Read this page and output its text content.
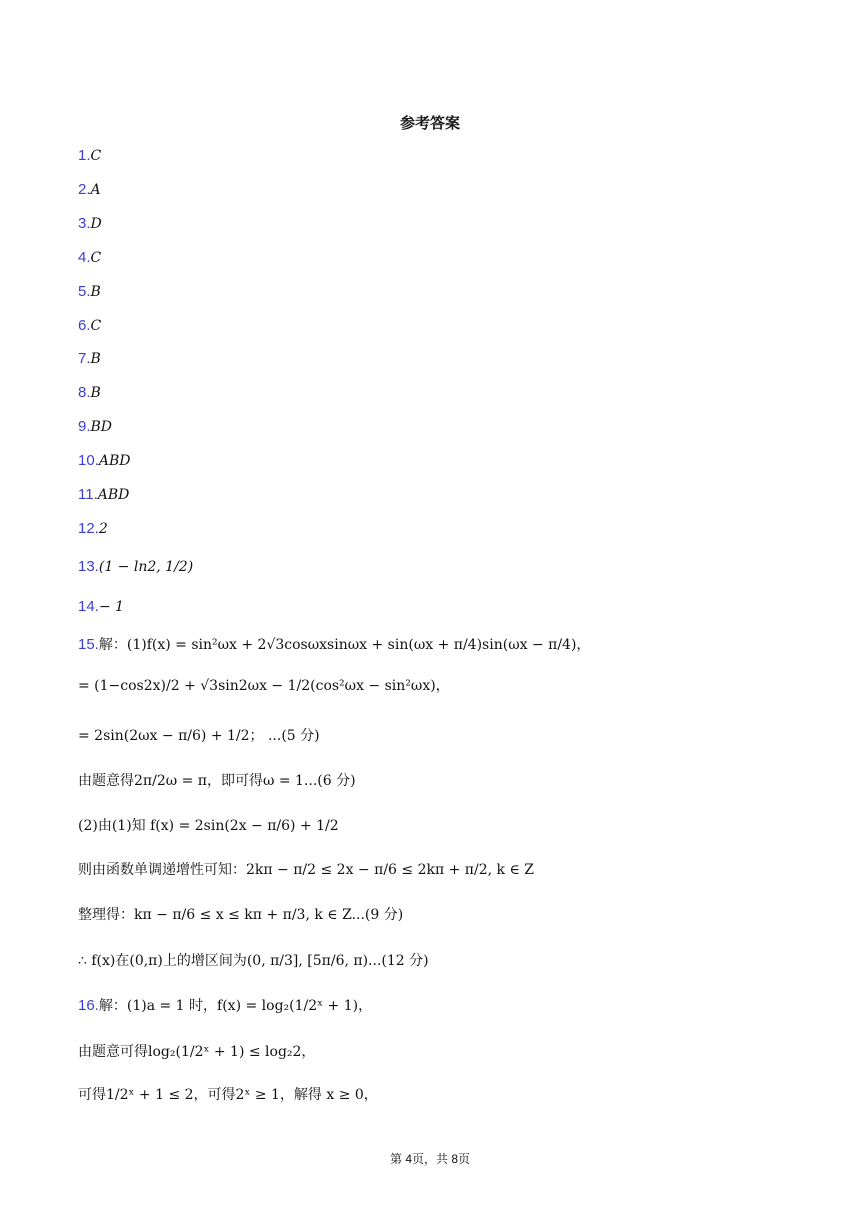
参考答案
1.C
2.A
3.D
4.C
5.B
6.C
7.B
8.B
9.BD
10.ABD
11.ABD
12.2
13.(1 − ln2, 1/2)
14.− 1
15.解：(1)f(x) = sin²ωx + 2√3cosωxsinωx + sin(ωx + π/4)sin(ωx − π/4)，
= (1−cos2x)/2 + √3sin2ωx − 1/2(cos²ωx − sin²ωx)，
= 2sin(2ωx − π/6) + 1/2； ...(5 分)
由题意得2π/2ω = π，即可得ω = 1...(6 分)
(2)由(1)知 f(x) = 2sin(2x − π/6) + 1/2
则由函数单调递增性可知：2kπ − π/2 ≤ 2x − π/6 ≤ 2kπ + π/2, k ∈ Z
整理得：kπ − π/6 ≤ x ≤ kπ + π/3, k ∈ Z...(9 分)
∴ f(x)在(0,π)上的增区间为(0, π/3], [5π/6, π)...(12 分)
16.解：(1)a = 1 时，f(x) = log₂(1/2ˣ + 1)，
由题意可得log₂(1/2ˣ + 1) ≤ log₂2，
可得1/2ˣ + 1 ≤ 2，可得2ˣ ≥ 1，解得 x ≥ 0，
第 4页，共 8页
